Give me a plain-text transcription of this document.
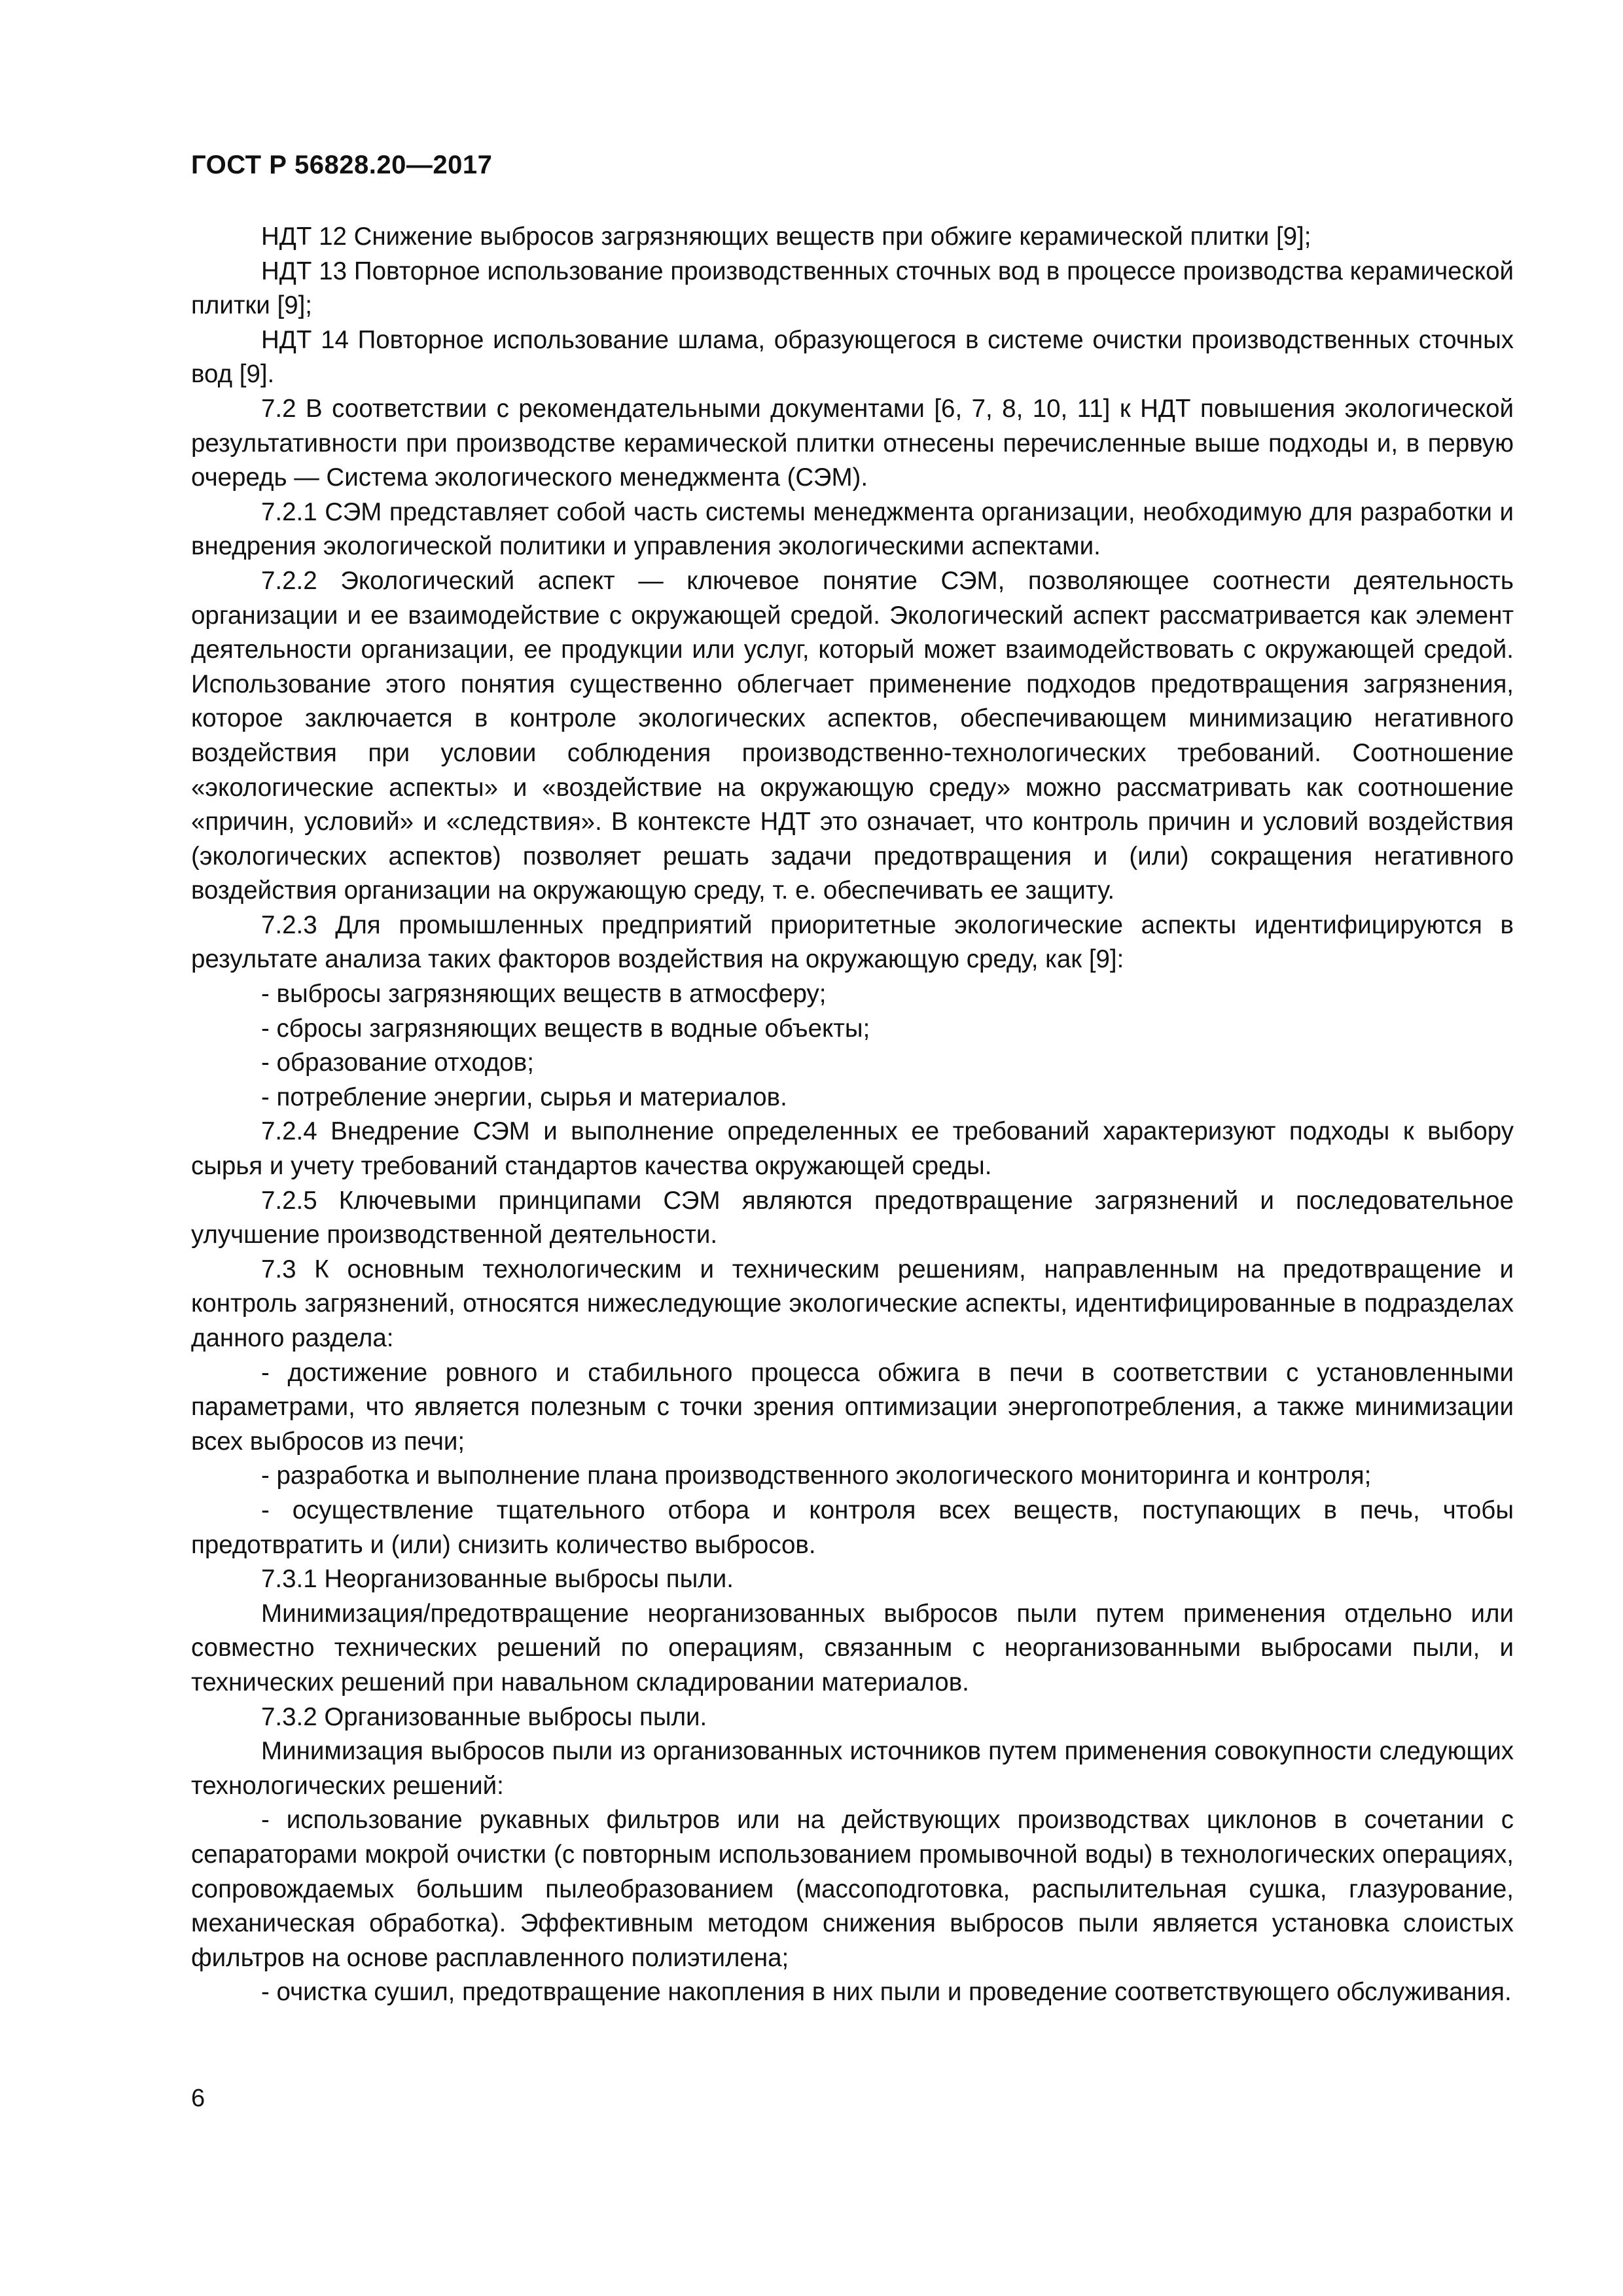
ГОСТ Р 56828.20—2017

НДТ 12 Снижение выбросов загрязняющих веществ при обжиге керамической плитки [9];

НДТ 13 Повторное использование производственных сточных вод в процессе производства керамической плитки [9];

НДТ 14 Повторное использование шлама, образующегося в системе очистки производственных сточных вод [9].

7.2 В соответствии с рекомендательными документами [6, 7, 8, 10, 11] к НДТ повышения экологической результативности при производстве керамической плитки отнесены перечисленные выше подходы и, в первую очередь — Система экологического менеджмента (СЭМ).

7.2.1 СЭМ представляет собой часть системы менеджмента организации, необходимую для разработки и внедрения экологической политики и управления экологическими аспектами.

7.2.2 Экологический аспект — ключевое понятие СЭМ, позволяющее соотнести деятельность организации и ее взаимодействие с окружающей средой. Экологический аспект рассматривается как элемент деятельности организации, ее продукции или услуг, который может взаимодействовать с окружающей средой. Использование этого понятия существенно облегчает применение подходов предотвращения загрязнения, которое заключается в контроле экологических аспектов, обеспечивающем минимизацию негативного воздействия при условии соблюдения производственно-технологических требований. Соотношение «экологические аспекты» и «воздействие на окружающую среду» можно рассматривать как соотношение «причин, условий» и «следствия». В контексте НДТ это означает, что контроль причин и условий воздействия (экологических аспектов) позволяет решать задачи предотвращения и (или) сокращения негативного воздействия организации на окружающую среду, т. е. обеспечивать ее защиту.

7.2.3 Для промышленных предприятий приоритетные экологические аспекты идентифицируются в результате анализа таких факторов воздействия на окружающую среду, как [9]:

- выбросы загрязняющих веществ в атмосферу;

- сбросы загрязняющих веществ в водные объекты;

- образование отходов;

- потребление энергии, сырья и материалов.

7.2.4 Внедрение СЭМ и выполнение определенных ее требований характеризуют подходы к выбору сырья и учету требований стандартов качества окружающей среды.

7.2.5 Ключевыми принципами СЭМ являются предотвращение загрязнений и последовательное улучшение производственной деятельности.

7.3 К основным технологическим и техническим решениям, направленным на предотвращение и контроль загрязнений, относятся нижеследующие экологические аспекты, идентифицированные в подразделах данного раздела:

- достижение ровного и стабильного процесса обжига в печи в соответствии с установленными параметрами, что является полезным с точки зрения оптимизации энергопотребления, а также минимизации всех выбросов из печи;

- разработка и выполнение плана производственного экологического мониторинга и контроля;

- осуществление тщательного отбора и контроля всех веществ, поступающих в печь, чтобы предотвратить и (или) снизить количество выбросов.

7.3.1 Неорганизованные выбросы пыли.

Минимизация/предотвращение неорганизованных выбросов пыли путем применения отдельно или совместно технических решений по операциям, связанным с неорганизованными выбросами пыли, и технических решений при навальном складировании материалов.

7.3.2 Организованные выбросы пыли.

Минимизация выбросов пыли из организованных источников путем применения совокупности следующих технологических решений:

- использование рукавных фильтров или на действующих производствах циклонов в сочетании с сепараторами мокрой очистки (с повторным использованием промывочной воды) в технологических операциях, сопровождаемых большим пылеобразованием (массоподготовка, распылительная сушка, глазурование, механическая обработка). Эффективным методом снижения выбросов пыли является установка слоистых фильтров на основе расплавленного полиэтилена;

- очистка сушил, предотвращение накопления в них пыли и проведение соответствующего обслуживания.

6
